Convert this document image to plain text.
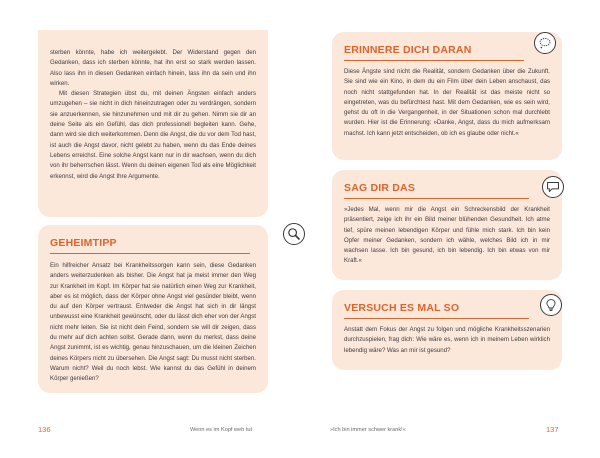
sterben könnte, habe ich weitergelebt. Der Widerstand gegen den Gedanken, dass ich sterben könnte, hat ihn erst so stark werden lassen. Also lass ihn in diesen Gedanken einfach hinein, lass ihn da sein und ihn wirken.

Mit diesen Strategien übst du, mit deinen Ängsten einfach anders umzugehen – sie nicht in dich hineinzutragen oder zu verdrängen, sondern sie anzuerkennen, sie hinzunehmen und mit dir zu gehen. Nimm sie dir an deine Seite als ein Gefühl, das dich professionell begleiten kann. Gehe, dann wird sie dich weiterkommen. Denn die Angst, die du vor dem Tod hast, ist auch die Angst davor, nicht gelebt zu haben, wenn du das Ende deines Lebens erreichst. Eine solche Angst kann nur in dir wachsen, wenn du dich von ihr beherrschen lässt. Wenn du deinen eigenen Tod als eine Möglichkeit erkennst, wird die Angst Ihre Argumente.

GEHEIMTIPP

Ein hilfreicher Ansatz bei Krankheitssorgen kann sein, diese Gedanken anders weiterzudenken als bisher. Die Angst hat ja meist immer den Weg zur Krankheit im Kopf. Im Körper hat sie natürlich einen Weg zur Krankheit, aber es ist möglich, dass der Körper ohne Angst viel gesünder bleibt, wenn du auf den Körper vertraust. Entweder die Angst hat sich in dir längst unbewusst eine Krankheit gewünscht, oder du lässt dich eher von der Angst nicht mehr leiten. Sie ist nicht dein Feind, sondern sie will dir zeigen, dass du mehr auf dich achten sollst. Gerade dann, wenn du merkst, dass deine Angst zunimmt, ist es wichtig, genau hinzuschauen, um die kleinen Zeichen deines Körpers nicht zu übersehen. Die Angst sagt: Du musst nicht sterben. Warum nicht? Weil du noch lebst. Wie kannst du das Gefühl in deinem Körper genießen?

136	Wenn es im Kopf weh tut
ERINNERE DICH DARAN

Diese Ängste sind nicht die Realität, sondern Gedanken über die Zukunft. Sie sind wie ein Kino, in dem du ein Film über dein Leben anschaust, das noch nicht stattgefunden hat. In der Realität ist das meiste nicht so eingetreten, was du befürchtest hast. Mit dem Gedanken, wie es sein wird, gehst du oft in die Vergangenheit, in der Situationen schon mal durchlebt wurden. Hier ist die Erinnerung: »Danke, Angst, dass du mich aufmerksam machst. Ich kann jetzt entscheiden, ob ich es glaube oder nicht.«

SAG DIR DAS

»Jedes Mal, wenn mir die Angst ein Schreckensbild der Krankheit präsentiert, zeige ich ihr ein Bild meiner blühenden Gesundheit. Ich atme tief, spüre meinen lebendigen Körper und fühle mich stark. Ich bin kein Opfer meiner Gedanken, sondern ich wähle, welches Bild ich in mir wachsen lasse. Ich bin gesund, ich bin lebendig. Ich bin etwas von mir Kraft.«

VERSUCH ES MAL SO

Anstatt dem Fokus der Angst zu folgen und mögliche Krankheitsszenarien durchzuspielen, frag dich: Wie wäre es, wenn ich in meinem Leben wirklich lebendig wäre? Was an mir ist gesund?

»Ich bin immer schwer krank!«	137
